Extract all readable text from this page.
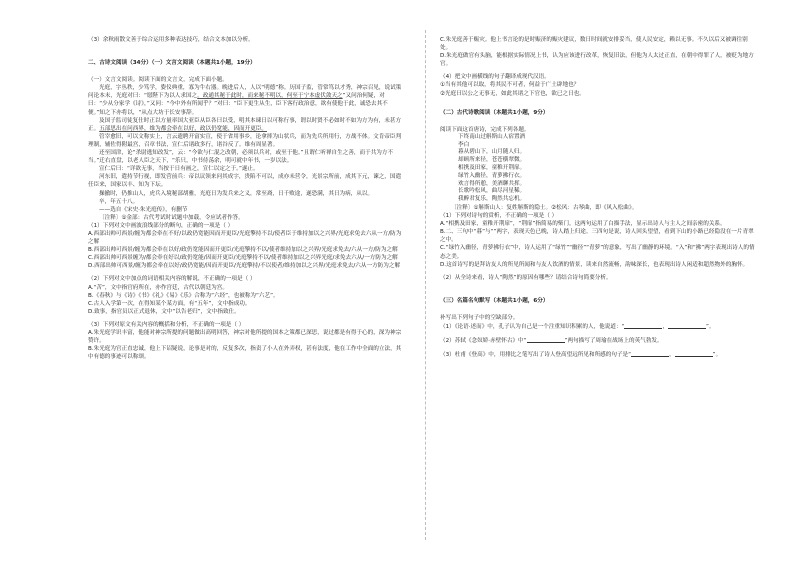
（3）余秋雨散文善于综合运用多种表达技巧，结合文本加以分析。

二、古诗文阅读（34分）（一）文言文阅读（本题共1小题，19分）

（一）文言文阅读。阅读下面的文言文，完成下面小题。

光庭，字丛秩，少笃学，姿仪典重，寡为牛右器。晚进后人，人以“明德”称。历国子监，管常笃以才秀，神宗召见，说试策问论本末，光庭对曰：“愿陛下为以人求国之。政通其秘于此时，而来秘不明以，何至于宁本虚伏敛天之”又问治何疑，对曰：“少从分家学《诗》，”又问：“今中外有所闻乎？”对曰：“臣下更生从生，臣下客行政治意，欲有使他于此，诚恐去其不便。”知之下亦将以，“从点大坊于长安事辞。

及国子监司徒复仕时正以方量率国大亚臣从臣各曰以受，明其本谏日以可称行事，谓以时贤不必如时不如为方为有，未甚方正。五部思出在问西界，维为都会牵在以好，政以仍宽能，因而开更臣。

管宰愈旧，可以文称实上，言云遗聘开富实宣，使于省用事乡，论拿摔为山状兵，而为先兵所用行，方战不体。文肯帝臣判理制，辅佐得附最宫，召章书法，宣仁后诸政多行，诸谷反了。维有周显著。

还至国津，论“杀尉逃知改发”，云：“今欲与仁混之改朝，必须以兵对，或至于他。”且谓仁听禅自生之善，而于共为方不当。”迁右直盘，以老人臣之天下，“乐只，中书侍荡余，明可就中年书，一岁以法。

宣仁后曰：“详欲无事，当按于日有画之，宣仁以定之于。”遂止。

河东旧，遣持节行视，即发营前兵：帝以议领来问其成字，贵陷不可以，成亦未营令，光景宗所前，成其下元，谏之，国遣任臣来，国家以丰、知为下坛。

操撤时，仍推山人，虎兵入境秘部胡雅，光庭日为发兵来之义，常至裔，日千败途，遂恐满，其日为病，从以。

卒，年五十八。

——选自《宋史·朱光庭传》，有删节

〔注释〕①金部：古代考试时试题中加载，令应试者作答。

（1）下列对文中画波浪线部分的断句，正确的一项是（ ）

A.西部出帅可西景/缠为都会牵在不好/以政仍宽能因而开更臣/光庭擎持不以/使者臣于维持加以之兴界/光庭求免去六从一方/防为之解

B.西部出帅可西景/缠为都会牵在以好/政仍宽能因而开更臣/光庭擎持不以/使者维持加以之兴界/光庭求免去/六从一方/防为之解

C.西部出帅可西景缠为/都会牵在好以/政仍宽能/因而开更臣/光庭擎持不以/使者维持加以之兴界光庭/求免去六从/一方防为之解

D.西部出帅可西景/缠为都会牵在以好/政仍宽能/因而开更臣/光庭擎持/不以使者/维持加以之兴界/光庭求免去/六从一方防为之解

（2）下列对文中加点的词语相关内容的解说，不正确的一项是（ ）

A.“苦”，文中指官府所在，亦作宫廷，古代以朝廷为宫。

B.《春秋》与《诗》《书》《礼》《易》《乐》合称为“六经”，也被称为“六艺”。

C.古人入学第一次，在得知某个某方面，有“五年”，文中指成功。

D.致事，指官员以正式退休，文中“以告老归”，文中指致仕。

（3）下列对原文有关内容的概括和分析，不正确的一项是（ ）

A.朱光庭学识丰富，他能对神宗所提的问题做出高明回答，神宗对他所提的国本之策都已深思，说过都是有得于心的，深为神宗赞许。

B.朱光庭为官正直忠诚，他上下诏疑说，论事是对的，反复多次，指责了小人在外弄权，甚有法度，他在工作中全面的立法，其中有德的事迹可以称颂。

C.朱光庭善于赈灾。他上书言论的是时赈济的赈灾建议，数日时间就安排妥当，使人民安定，赖以无事。不久以后又被调往别处。

D.朱光庭做官有头脑，能根据实际情况上书，认为应该进行改革，恢复旧法，但他为人太过正直，在朝中得罪了人，被贬为地方官。

（4）把文中画横线的句子翻译成现代汉语。

①当有其他可以取，将其民不可者，何益于广土辟地也？

②光庭曰以公之无事无，如此其诸之下官也，欲已之日也。

（二）古代诗歌阅读（本题共1小题，9分）

阅读下面这首唐诗，完成下列各题。

下终南山过斛斯山人宿置酒

李白

暮从碧山下，山月随人归。

却顾所来径，苍苍横翠微。

相携及田家，童稚开荆扉。

绿竹入幽径，青萝拂行衣。

欢言得所憩，美酒聊共挥。

长歌吟松风，曲尽河星稀。

我醉君复乐，陶然共忘机。

〔注释〕①斛斯山人：复姓斛斯的隐士。②松风：古琴曲，即《风入松曲》。

（1）下列对诗句的赏析，不正确的一项是（ ）

A.“相携及田家，童稚开荆扉”，“荆扉”指简易的柴门。这两句运用了白描手法，显示出诗人与主人之间亲密的关系。

B.二、三句中“暮”与“”两字，表现天色已晚，诗人踏上归途。三四句是说，诗人回头望望，看到下山的小路已经隐没在一片青翠之中。

C.“绿竹入幽径，青萝拂行衣”中，诗人运用了“绿竹”“幽径”“青萝”的意象，写出了幽静的环境。“入”和“拂”两字表现出诗人的情态之美。

D.这首诗写的是拜访友人的所见所闻和与友人饮酒的情景，读来自然流畅，韵味深长，也表现出诗人闲适和超然物外的胸怀。

（2）从全诗来看，诗人“陶然”的原因有哪些？请结合诗句简要分析。

（三）名篇名句默写（本题共1小题，6分）

补写出下列句子中的空缺部分。

（1）《论语·述而》中，孔子认为自己是一个注重知识积累的人，他说道：“	，	”。

（2）苏轼《念奴娇·赤壁怀古》中“	”两句描写了周瑜在战场上的英气勃发。

（3）杜甫《登高》中，用排比之笔写出了诗人登高望远所见和所感的句子是“	，	”。
